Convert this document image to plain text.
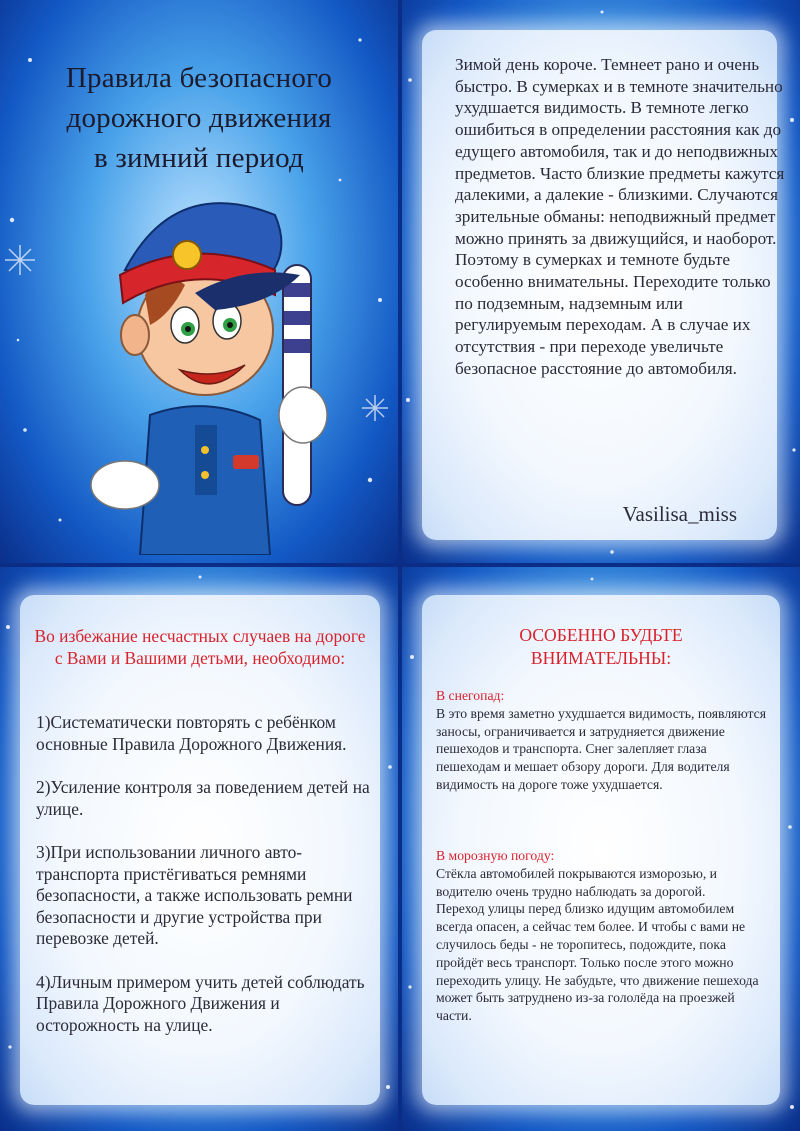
Правила безопасного
дорожного движения
в зимний период

Зимой день короче. Темнеет рано и очень быстро. В сумерках и в темноте значительно ухудшается видимость. В темноте легко ошибиться в определении расстояния как до едущего автомобиля, так и до неподвижных предметов. Часто близкие предметы кажутся далекими, а далекие - близкими. Случаются зрительные обманы: неподвижный предмет можно принять за движущийся, и наоборот.

Поэтому в сумерках и темноте будьте особенно внимательны. Переходите только по подземным, надземным или регулируемым переходам. А в случае их отсутствия - при переходе увеличьте безопасное расстояние до автомобиля.

Vasilisa_miss
Во избежание несчастных случаев на дороге с Вами и Вашими детьми, необходимо:

1)Систематически повторять с ребёнком основные Правила Дорожного Движения.

2)Усиление контроля за поведением детей на улице.

3)При использовании личного авто-транспорта пристёгиваться ремнями безопасности, а также использовать ремни безопасности и другие устройства при перевозке детей.

4)Личным примером учить детей соблюдать Правила Дорожного Движения и осторожность на улице.

ОСОБЕННО БУДЬТЕ
ВНИМАТЕЛЬНЫ:
В снегопад:
В это время заметно ухудшается видимость, появляются заносы, ограничивается и затрудняется движение пешеходов и транспорта. Снег залепляет глаза пешеходам и мешает обзору дороги. Для водителя видимость на дороге тоже ухудшается.
В морозную погоду:
Стёкла автомобилей покрываются изморозью, и водителю очень трудно наблюдать за дорогой.
Переход улицы перед близко идущим автомобилем всегда опасен, а сейчас тем более. И чтобы с вами не случилось беды - не торопитесь, подождите, пока пройдёт весь транспорт. Только после этого можно переходить улицу. Не забудьте, что движение пешехода может быть затруднено из-за гололёда на проезжей части.
